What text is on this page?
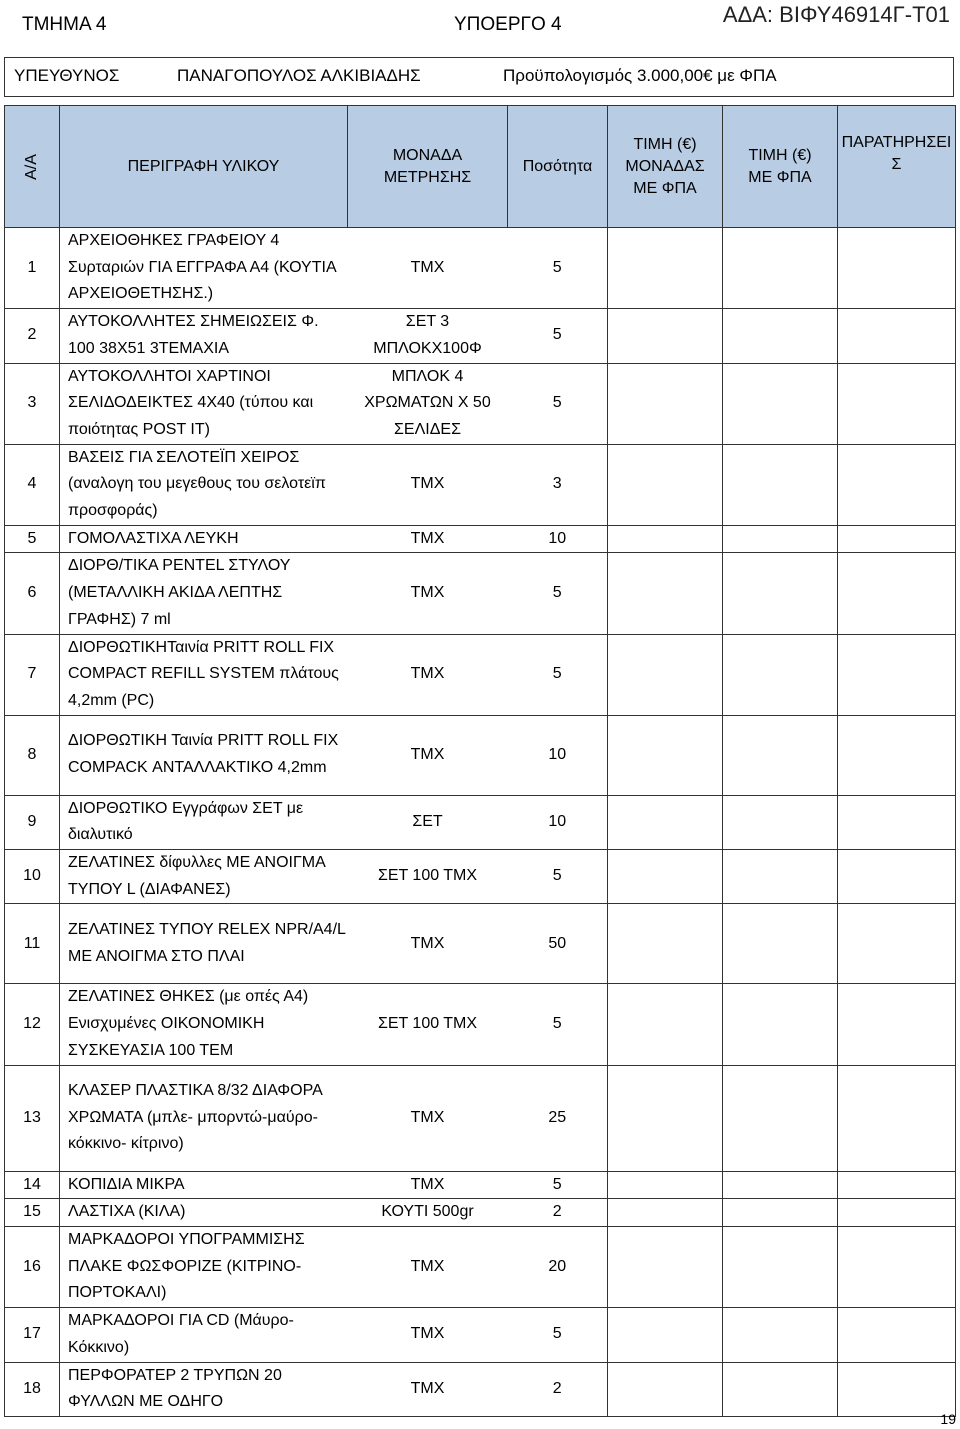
ΤΜΗΜΑ 4	ΥΠΟΕΡΓΟ 4	ΑΔΑ: ΒΙΦΥ46914Γ-Τ01
ΥΠΕΥΘΥΝΟΣ	ΠΑΝΑΓΟΠΟΥΛΟΣ ΑΛΚΙΒΙΑΔΗΣ	Προϋπολογισμός 3.000,00€ με ΦΠΑ
Α/Α	ΠΕΡΙΓΡΑΦΗ ΥΛΙΚΟΥ	ΜΟΝΑΔΑ ΜΕΤΡΗΣΗΣ	Ποσότητα	ΤΙΜΗ (€) ΜΟΝΑΔΑΣ ΜΕ ΦΠΑ	ΤΙΜΗ (€) ΜΕ ΦΠΑ	ΠΑΡΑΤΗΡΗΣΕΙΣ

1	ΑΡΧΕΙΟΘΗΚΕΣ ΓΡΑΦΕΙΟΥ 4 Συρταριών ΓΙΑ ΕΓΓΡΑΦΑ Α4 (ΚΟΥΤΙΑ ΑΡΧΕΙΟΘΕΤΗΣΗΣ.)	ΤΜΧ	5			
2	ΑΥΤΟΚΟΛΛΗΤΕΣ ΣΗΜΕΙΩΣΕΙΣ Φ. 100 38Χ51 3ΤΕΜΑΧΙΑ	ΣΕΤ 3 ΜΠΛΟΚΧ100Φ	5			
3	ΑΥΤΟΚΟΛΛΗΤΟΙ ΧΑΡΤΙΝΟΙ ΣΕΛΙΔΟΔΕΙΚΤΕΣ 4Χ40 (τύπου και ποιότητας POST IT)	ΜΠΛΟΚ 4 ΧΡΩΜΑΤΩΝ Χ 50 ΣΕΛΙΔΕΣ	5			
4	ΒΑΣΕΙΣ ΓΙΑ ΣΕΛΟΤΕΪΠ ΧΕΙΡΟΣ (αναλογη του μεγεθους του σελοτεϊπ προσφοράς)	ΤΜΧ	3			
5	ΓΟΜΟΛΑΣΤΙΧΑ ΛΕΥΚΗ	ΤΜΧ	10			
6	ΔΙΟΡΘ/ΤΙΚΑ PENTEL ΣΤΥΛΟΥ (ΜΕΤΑΛΛΙΚΗ ΑΚΙΔΑ ΛΕΠΤΗΣ ΓΡΑΦΗΣ) 7 ml	ΤΜΧ	5			
7	ΔΙΟΡΘΩΤΙΚΗΤαινία PRITT ROLL FIX COMPACT REFILL SYSTEM πλάτους 4,2mm (PC)	ΤΜΧ	5			
8	ΔΙΟΡΘΩΤΙΚΗ Ταινία PRITT ROLL FIX COMPACK ΑΝΤΑΛΛΑΚΤΙΚΟ 4,2mm	ΤΜΧ	10			
9	ΔΙΟΡΘΩΤΙΚΟ Εγγράφων ΣΕΤ με διαλυτικό	ΣΕΤ	10			
10	ΖΕΛΑΤΙΝΕΣ δίφυλλες ΜΕ ΑΝΟΙΓΜΑ ΤΥΠΟΥ L (ΔΙΑΦΑΝΕΣ)	ΣΕΤ 100 ΤΜΧ	5			
11	ΖΕΛΑΤΙΝΕΣ ΤΥΠΟΥ RELEX NPR/A4/L ΜΕ ΑΝΟΙΓΜΑ ΣΤΟ ΠΛΑΙ	ΤΜΧ	50			
12	ΖΕΛΑΤΙΝΕΣ ΘΗΚΕΣ (με οπές Α4) Ενισχυμένες ΟΙΚΟΝΟΜΙΚΗ ΣΥΣΚΕΥΑΣΙΑ 100 ΤΕΜ	ΣΕΤ 100 ΤΜΧ	5			
13	ΚΛΑΣΕΡ ΠΛΑΣΤΙΚΑ 8/32 ΔΙΑΦΟΡΑ ΧΡΩΜΑΤΑ (μπλε- μπορντώ-μαύρο-κόκκινο- κίτρινο)	ΤΜΧ	25			
14	ΚΟΠΙΔΙΑ ΜΙΚΡΑ	ΤΜΧ	5			
15	ΛΑΣΤΙΧΑ (ΚΙΛΑ)	ΚΟΥΤΙ 500gr	2			
16	ΜΑΡΚΑΔΟΡΟΙ ΥΠΟΓΡΑΜΜΙΣΗΣ ΠΛΑΚΕ ΦΩΣΦΟΡΙΖΕ (ΚΙΤΡΙΝΟ- ΠΟΡΤΟΚΑΛΙ)	ΤΜΧ	20			
17	ΜΑΡΚΑΔΟΡΟΙ ΓΙΑ CD (Μάυρο- Κόκκινο)	ΤΜΧ	5			
18	ΠΕΡΦΟΡΑΤΕΡ 2 ΤΡΥΠΩΝ 20 ΦΥΛΛΩΝ ΜΕ ΟΔΗΓΟ	ΤΜΧ	2			
19
